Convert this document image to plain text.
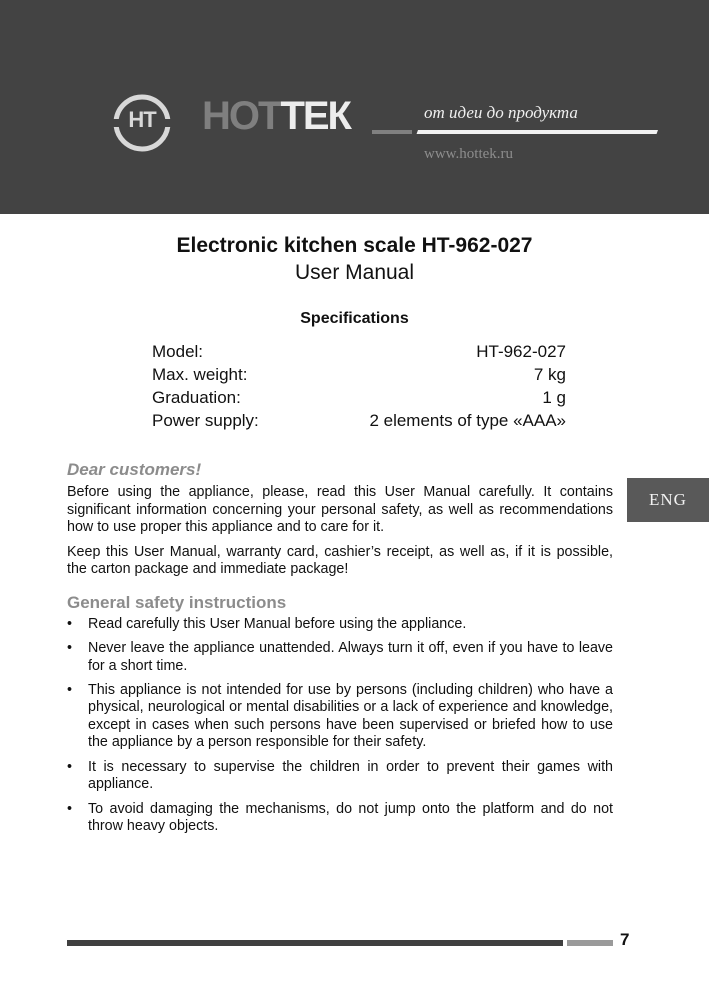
HT НОТТЕК	от идеи до продукта
www.hottek.ru
Electronic kitchen scale HT-962-027
User Manual
Specifications
Model:	HT-962-027
Max. weight:	7 kg
Graduation:	1 g
Power supply:	2 elements of type «AAA»
ENG
Dear customers!

Before using the appliance, please, read this User Manual carefully. It contains significant information concerning your personal safety, as well as recommendations how to use proper this appliance and to care for it.

Keep this User Manual, warranty card, cashier’s receipt, as well as, if it is possible, the carton package and immediate package!

General safety instructions
• Read carefully this User Manual before using the appliance.
• Never leave the appliance unattended. Always turn it off, even if you have to leave for a short time.
• This appliance is not intended for use by persons (including children) who have a physical, neurological or mental disabilities or a lack of experience and knowledge, except in cases when such persons have been supervised or briefed how to use the appliance by a person responsible for their safety.
• It is necessary to supervise the children in order to prevent their games with appliance.
• To avoid damaging the mechanisms, do not jump onto the platform and do not throw heavy objects.
7
